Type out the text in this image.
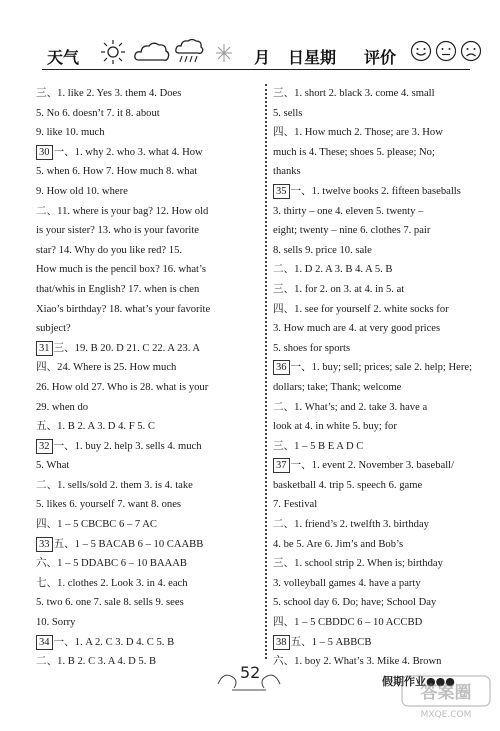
天气	月 日星期 评价
三、1. like 2. Yes 3. them 4. Does
5. No 6. doesn’t 7. it 8. about
9. like 10. much
30 一、1. why 2. who 3. what 4. How
5. when 6. How 7. How much 8. what
9. How old 10. where
二、11. where is your bag? 12. How old
is your sister? 13. who is your favorite
star? 14. Why do you like red? 15.
How much is the pencil box? 16. what’s
that/whis in English? 17. when is chen
Xiao’s birthday? 18. what’s your favorite
subject?
31 三、19. B 20. D 21. C 22. A 23. A
四、24. Where is 25. How much
26. How old 27. Who is 28. what is your
29. when do
五、1. B 2. A 3. D 4. F 5. C
32 一、1. buy 2. help 3. sells 4. much
5. What
二、1. sells/sold 2. them 3. is 4. take
5. likes 6. yourself 7. want 8. ones
四、1 – 5 CBCBC 6 – 7 AC
33 五、1 – 5 BACAB 6 – 10 CAABB
六、1 – 5 DDABC 6 – 10 BAAAB
七、1. clothes 2. Look 3. in 4. each
5. two 6. one 7. sale 8. sells 9. sees
10. Sorry
34 一、1. A 2. C 3. D 4. C 5. B
二、1. B 2. C 3. A 4. D 5. B
三、1. short 2. black 3. come 4. small
5. sells
四、1. How much 2. Those; are 3. How
much is 4. These; shoes 5. please; No;
thanks
35 一、1. twelve books 2. fifteen baseballs
3. thirty – one 4. eleven 5. twenty –
eight; twenty – nine 6. clothes 7. pair
8. sells 9. price 10. sale
二、1. D 2. A 3. B 4. A 5. B
三、1. for 2. on 3. at 4. in 5. at
四、1. see for yourself 2. white socks for
3. How much are 4. at very good prices
5. shoes for sports
36 一、1. buy; sell; prices; sale 2. help; Here;
dollars; take; Thank; welcome
二、1. What’s; and 2. take 3. have a
look at 4. in white 5. buy; for
三、1 – 5 B E A D C
37 一、1. event 2. November 3. baseball/
basketball 4. trip 5. speech 6. game
7. Festival
二、1. friend’s 2. twelfth 3. birthday
4. be 5. Are 6. Jim’s and Bob’s
三、1. school strip 2. When is; birthday
3. volleyball games 4. have a party
5. school day 6. Do; have; School Day
四、1 – 5 CBDDC 6 – 10 ACCBD
38 五、1 – 5 ABBCB
六、1. boy 2. What’s 3. Mike 4. Brown
52	假期作业●●●
答案圈
MXQE.COM
